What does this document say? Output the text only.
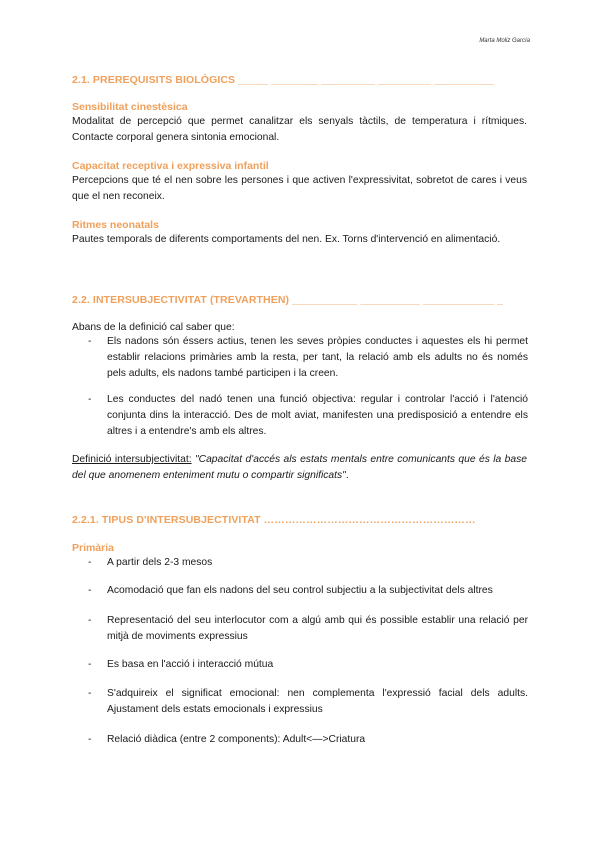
Marta Moliz García
2.1. PREREQUISITS BIOLÒGICS _____ ________ _________ _________ __________
Sensibilitat cinestèsica
Modalitat de percepció que permet canalitzar els senyals tàctils, de temperatura i rítmiques. Contacte corporal genera sintonia emocional.
Capacitat receptiva i expressiva infantil
Percepcions que té el nen sobre les persones i que activen l'expressivitat, sobretot de cares i veus que el nen reconeix.
Ritmes neonatals
Pautes temporals de diferents comportaments del nen. Ex. Torns d'intervenció en alimentació.
2.2. INTERSUBJECTIVITAT (TREVARTHEN) ___________ __________ ____________ _
Abans de la definició cal saber que:
- Els nadons són éssers actius, tenen les seves pròpies conductes i aquestes els hi permet establir relacions primàries amb la resta, per tant, la relació amb els adults no és només pels adults, els nadons també participen i la creen.
- Les conductes del nadó tenen una funció objectiva: regular i controlar l'acció i l'atenció conjunta dins la interacció. Des de molt aviat, manifesten una predisposició a entendre els altres i a entendre's amb els altres.
Definició intersubjectivitat: "Capacitat d'accés als estats mentals entre comunicants que és la base del que anomenem enteniment mutu o compartir significats".
2.2.1. TIPUS D'INTERSUBJECTIVITAT ……………………………………………………
Primària
- A partir dels 2-3 mesos
- Acomodació que fan els nadons del seu control subjectiu a la subjectivitat dels altres
- Representació del seu interlocutor com a algú amb qui és possible establir una relació per mitjà de moviments expressius
- Es basa en l'acció i interacció mútua
- S'adquireix el significat emocional: nen complementa l'expressió facial dels adults. Ajustament dels estats emocionals i expressius
- Relació diàdica (entre 2 components): Adult<—>Criatura
